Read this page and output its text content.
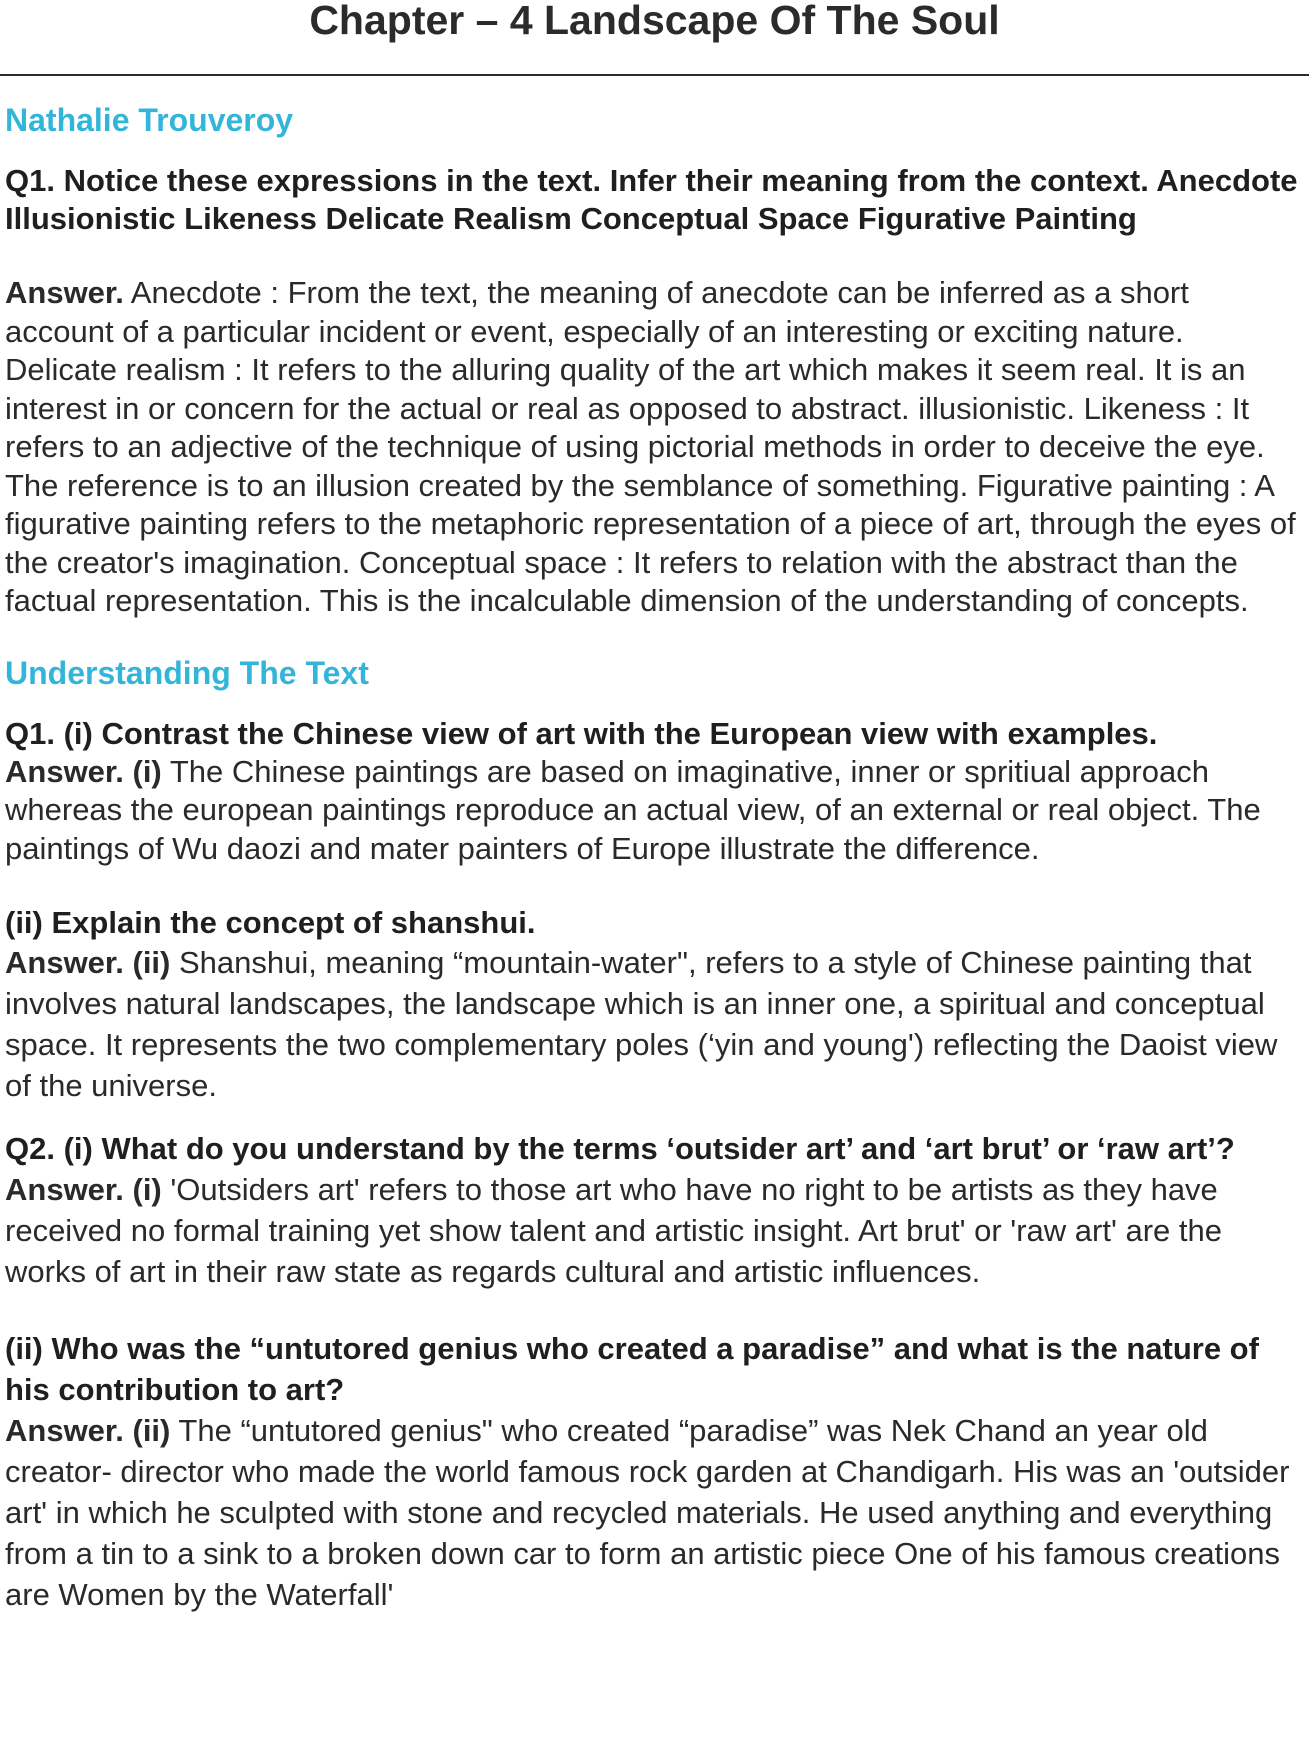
Chapter – 4 Landscape Of The Soul
Nathalie Trouveroy

Q1. Notice these expressions in the text. Infer their meaning from the context. Anecdote Illusionistic Likeness Delicate Realism Conceptual Space Figurative Painting

Answer. Anecdote : From the text, the meaning of anecdote can be inferred as a short account of a particular incident or event, especially of an interesting or exciting nature. Delicate realism : It refers to the alluring quality of the art which makes it seem real. It is an interest in or concern for the actual or real as opposed to abstract. illusionistic. Likeness : It refers to an adjective of the technique of using pictorial methods in order to deceive the eye. The reference is to an illusion created by the semblance of something. Figurative painting : A figurative painting refers to the metaphoric representation of a piece of art, through the eyes of the creator's imagination. Conceptual space : It refers to relation with the abstract than the factual representation. This is the incalculable dimension of the understanding of concepts.

Understanding The Text

Q1. (i) Contrast the Chinese view of art with the European view with examples.

Answer. (i) The Chinese paintings are based on imaginative, inner or spritiual approach whereas the european paintings reproduce an actual view, of an external or real object. The paintings of Wu daozi and mater painters of Europe illustrate the difference.

(ii) Explain the concept of shanshui.

Answer. (ii) Shanshui, meaning “mountain-water", refers to a style of Chinese painting that involves natural landscapes, the landscape which is an inner one, a spiritual and conceptual space. It represents the two complementary poles (‘yin and young') reflecting the Daoist view of the universe.

Q2. (i) What do you understand by the terms ‘outsider art’ and ‘art brut’ or ‘raw art’?

Answer. (i) 'Outsiders art' refers to those art who have no right to be artists as they have received no formal training yet show talent and artistic insight. Art brut' or 'raw art' are the works of art in their raw state as regards cultural and artistic influences.

(ii) Who was the “untutored genius who created a paradise” and what is the nature of his contribution to art?

Answer. (ii) The “untutored genius" who created “paradise” was Nek Chand an year old creator- director who made the world famous rock garden at Chandigarh. His was an 'outsider art' in which he sculpted with stone and recycled materials. He used anything and everything from a tin to a sink to a broken down car to form an artistic piece One of his famous creations are Women by the Waterfall'
